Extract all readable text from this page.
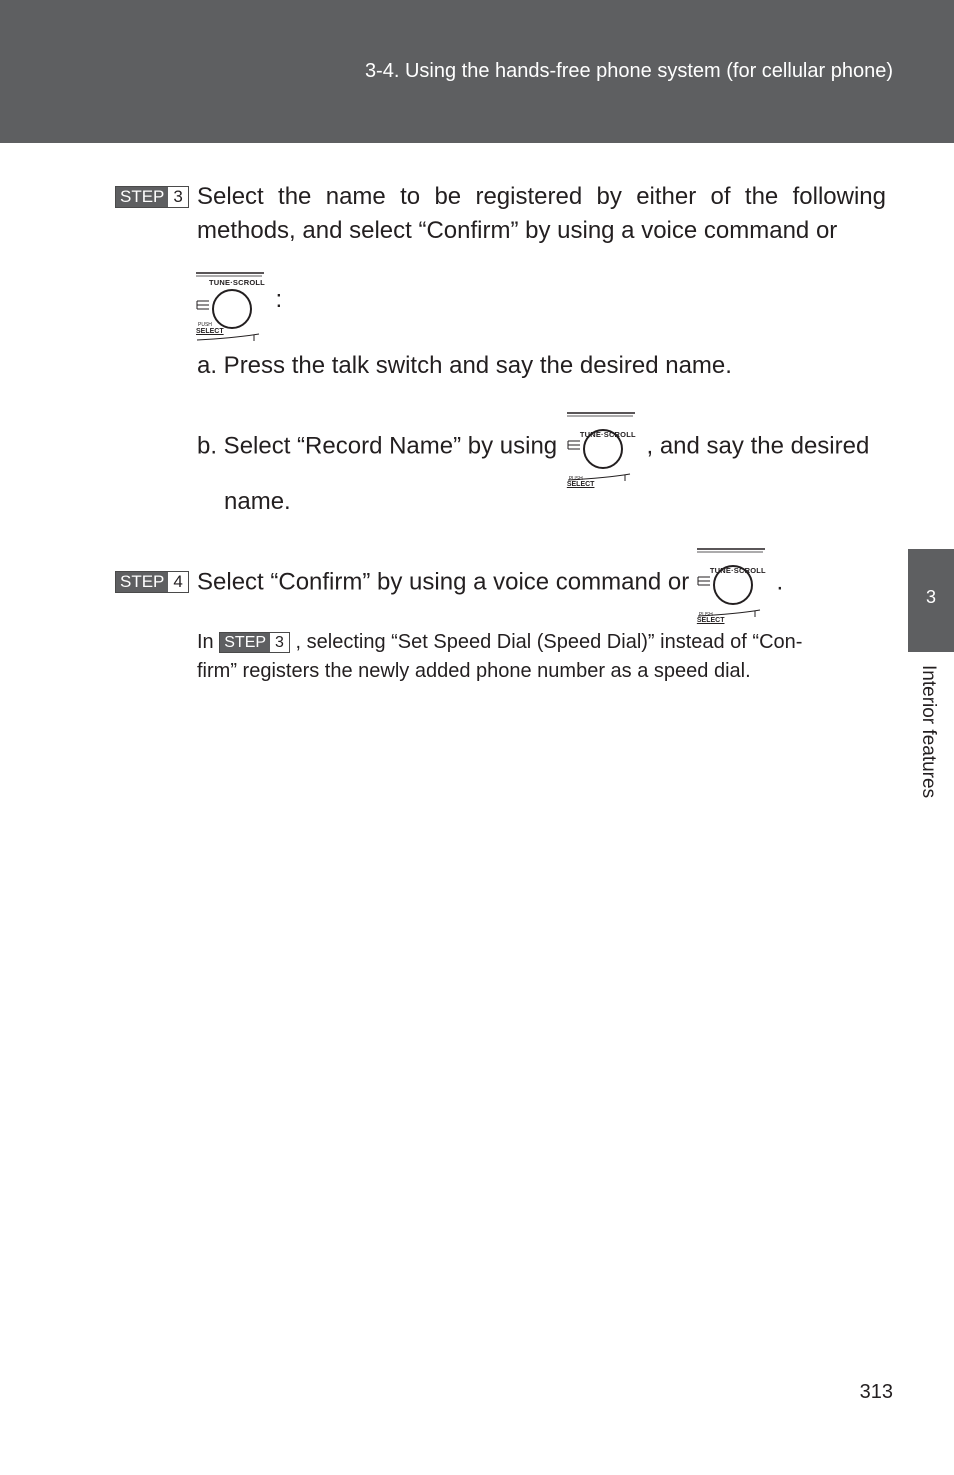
3-4. Using the hands-free phone system (for cellular phone)
3
Interior features
STEP 3 Select the name to be registered by either of the following methods, and select “Confirm” by using a voice command or
TUNE·SCROLL
PUSH
SELECT
:
a. Press the talk switch and say the desired name.
b. Select “Record Name” by using	TUNE·SCROLL
PUSH
SELECT
, and say the desired
name.
STEP 4 Select “Confirm” by using a voice command or	TUNE·SCROLL
PUSH
SELECT
.
In STEP 3 , selecting “Set Speed Dial (Speed Dial)” instead of “Con-
firm” registers the newly added phone number as a speed dial.
313
